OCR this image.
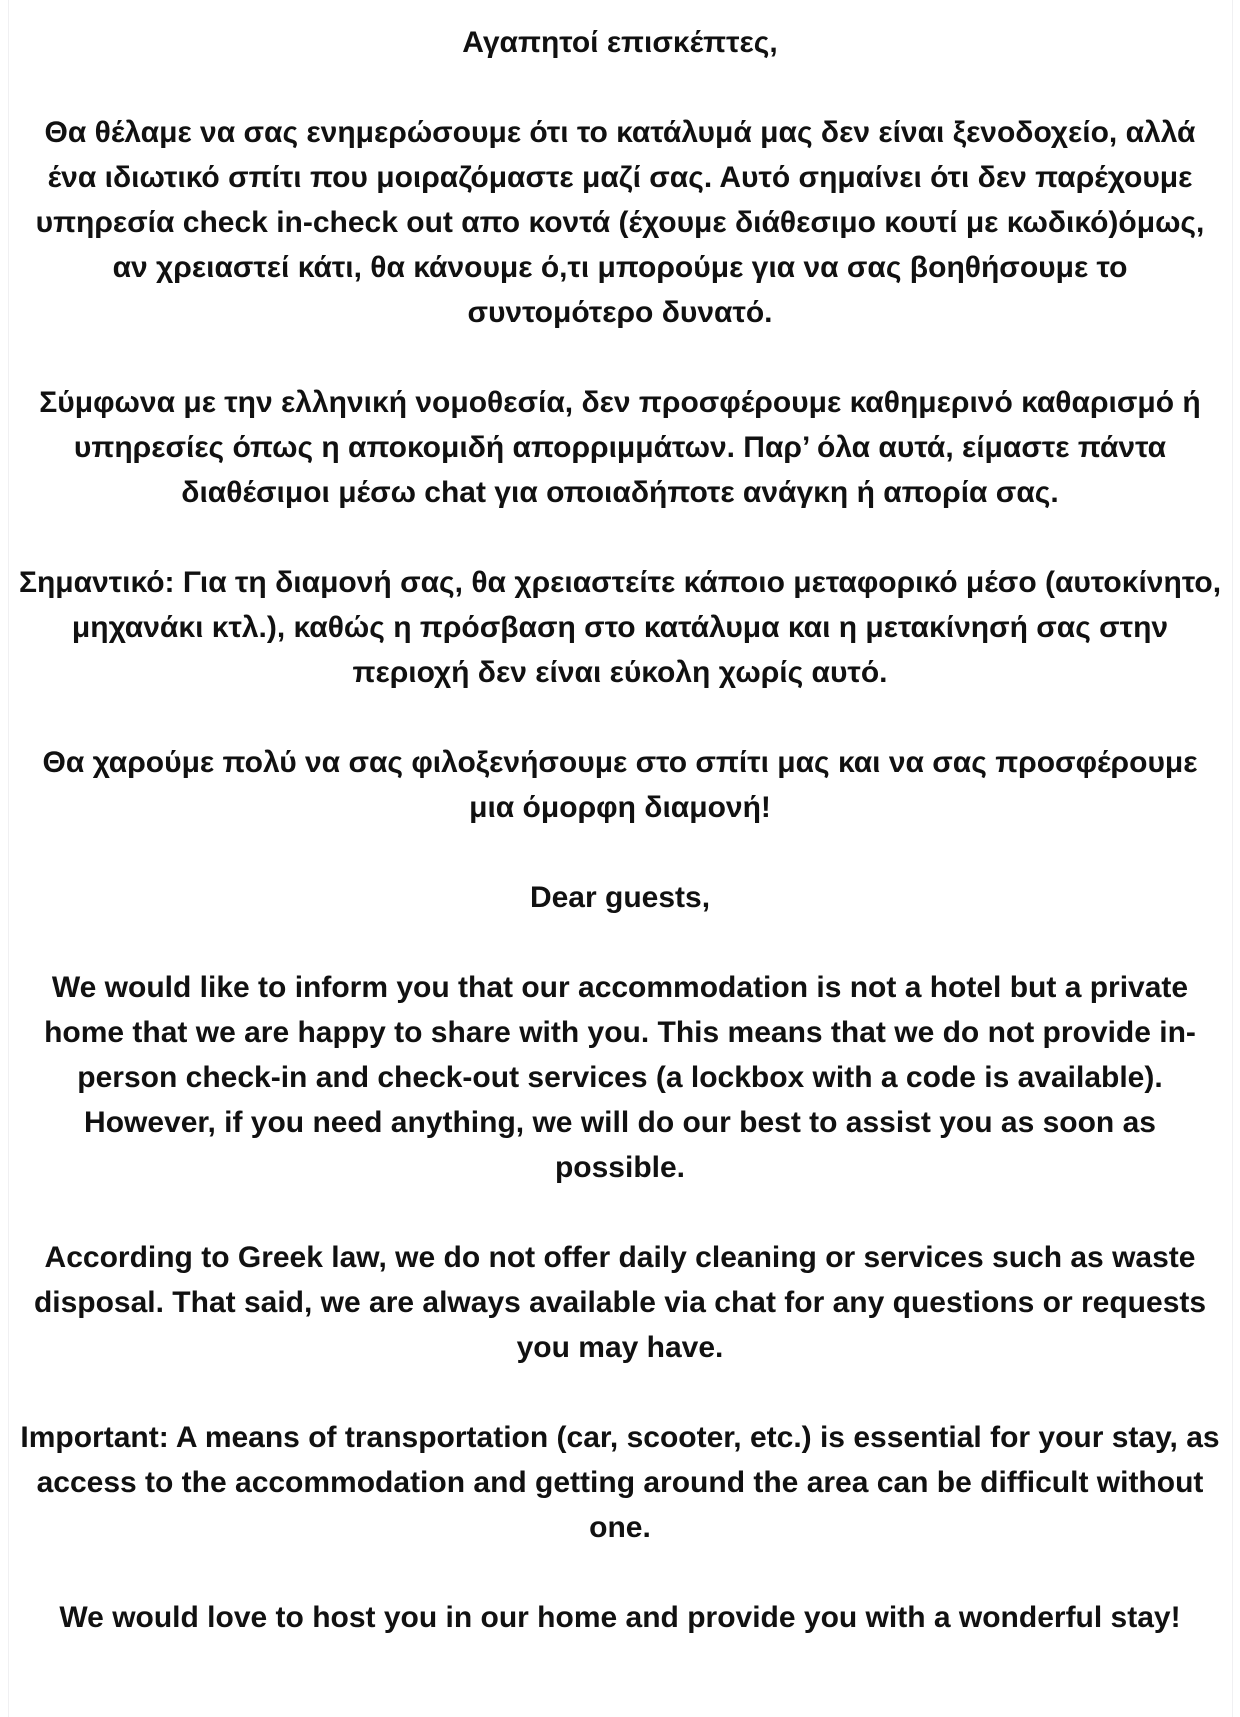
Αγαπητοί επισκέπτες,

Θα θέλαμε να σας ενημερώσουμε ότι το κατάλυμά μας δεν είναι ξενοδοχείο, αλλά ένα ιδιωτικό σπίτι που μοιραζόμαστε μαζί σας. Αυτό σημαίνει ότι δεν παρέχουμε υπηρεσία check in-check out απο κοντά (έχουμε διάθεσιμο κουτί με κωδικό)όμως, αν χρειαστεί κάτι, θα κάνουμε ό,τι μπορούμε για να σας βοηθήσουμε το συντομότερο δυνατό.

Σύμφωνα με την ελληνική νομοθεσία, δεν προσφέρουμε καθημερινό καθαρισμό ή υπηρεσίες όπως η αποκομιδή απορριμμάτων. Παρ’ όλα αυτά, είμαστε πάντα διαθέσιμοι μέσω chat για οποιαδήποτε ανάγκη ή απορία σας.

Σημαντικό: Για τη διαμονή σας, θα χρειαστείτε κάποιο μεταφορικό μέσο (αυτοκίνητο, μηχανάκι κτλ.), καθώς η πρόσβαση στο κατάλυμα και η μετακίνησή σας στην περιοχή δεν είναι εύκολη χωρίς αυτό.

Θα χαρούμε πολύ να σας φιλοξενήσουμε στο σπίτι μας και να σας προσφέρουμε μια όμορφη διαμονή!

Dear guests,

We would like to inform you that our accommodation is not a hotel but a private home that we are happy to share with you. This means that we do not provide in-person check-in and check-out services (a lockbox with a code is available). However, if you need anything, we will do our best to assist you as soon as possible.

According to Greek law, we do not offer daily cleaning or services such as waste disposal. That said, we are always available via chat for any questions or requests you may have.

Important: A means of transportation (car, scooter, etc.) is essential for your stay, as access to the accommodation and getting around the area can be difficult without one.

We would love to host you in our home and provide you with a wonderful stay!
